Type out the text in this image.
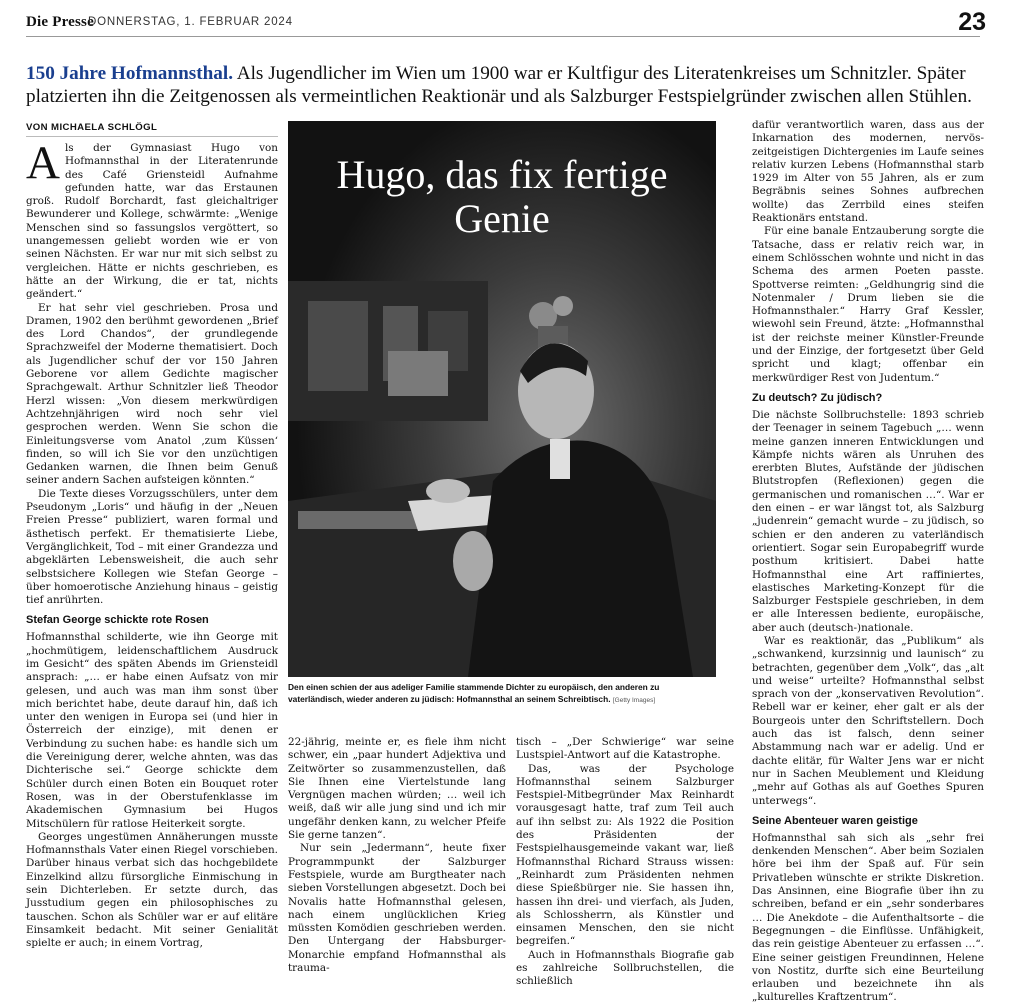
Die Presse
DONNERSTAG, 1. FEBRUAR 2024	23
150 Jahre Hofmannsthal. Als Jugendlicher im Wien um 1900 war er Kultfigur des Literatenkreises um Schnitzler. Später platzierten ihn die Zeitgenossen als vermeintlichen Reaktionär und als Salzburger Festspielgründer zwischen allen Stühlen.
VON MICHAELA SCHLÖGL

Als der Gymnasiast Hugo von Hofmannsthal in der Literatenrunde des Café Griensteidl Aufnahme gefunden hatte, war das Erstaunen groß. Rudolf Borchardt, fast gleichaltriger Bewunderer und Kollege, schwärmte: „Wenige Menschen sind so fassungslos vergöttert, so unangemessen geliebt worden wie er von seinen Nächsten. Er war nur mit sich selbst zu vergleichen. Hätte er nichts geschrieben, es hätte an der Wirkung, die er tat, nichts geändert.“

Er hat sehr viel geschrieben. Prosa und Dramen, 1902 den berühmt gewordenen „Brief des Lord Chandos“, der grundlegende Sprachzweifel der Moderne thematisiert. Doch als Jugendlicher schuf der vor 150 Jahren Geborene vor allem Gedichte magischer Sprachgewalt. Arthur Schnitzler ließ Theodor Herzl wissen: „Von diesem merkwürdigen Achtzehnjährigen wird noch sehr viel gesprochen werden. Wenn Sie schon die Einleitungsverse vom Anatol ‚zum Küssen‘ finden, so will ich Sie vor den unzüchtigen Gedanken warnen, die Ihnen beim Genuß seiner andern Sachen aufsteigen könnten.“

Die Texte dieses Vorzugsschülers, unter dem Pseudonym „Loris“ und häufig in der „Neuen Freien Presse“ publiziert, waren formal und ästhetisch perfekt. Er thematisierte Liebe, Vergänglichkeit, Tod – mit einer Grandezza und abgeklärten Lebensweisheit, die auch sehr selbstsichere Kollegen wie Stefan George – über homoerotische Anziehung hinaus – geistig tief anrührten.

Stefan George schickte rote Rosen

Hofmannsthal schilderte, wie ihn George mit „hochmütigem, leidenschaftlichem Ausdruck im Gesicht“ des späten Abends im Griensteidl ansprach: „… er habe einen Aufsatz von mir gelesen, und auch was man ihm sonst über mich berichtet habe, deute darauf hin, daß ich unter den wenigen in Europa sei (und hier in Österreich der einzige), mit denen er Verbindung zu suchen habe: es handle sich um die Vereinigung derer, welche ahnten, was das Dichterische sei.“ George schickte dem Schüler durch einen Boten ein Bouquet roter Rosen, was in der Oberstufenklasse im Akademischen Gymnasium bei Hugos Mitschülern für ratlose Heiterkeit sorgte.

Georges ungestümen Annäherungen musste Hofmannsthals Vater einen Riegel vorschieben. Darüber hinaus verbat sich das hochgebildete Einzelkind allzu fürsorgliche Einmischung in sein Dichterleben. Er setzte durch, das Jusstudium gegen ein philosophisches zu tauschen. Schon als Schüler war er auf elitäre Einsamkeit bedacht. Mit seiner Genialität spielte er auch; in einem Vortrag,

Hugo, das fix fertige Genie
Den einen schien der aus adeliger Familie stammende Dichter zu europäisch, den anderen zu vaterländisch, wieder anderen zu jüdisch: Hofmannsthal an seinem Schreibtisch. [Getty Images]

22-jährig, meinte er, es fiele ihm nicht schwer, ein „paar hundert Adjektiva und Zeitwörter so zusammenzustellen, daß Sie Ihnen eine Viertelstunde lang Vergnügen machen würden; … weil ich weiß, daß wir alle jung sind und ich mir ungefähr denken kann, zu welcher Pfeife Sie gerne tanzen“.

Nur sein „Jedermann“, heute fixer Programmpunkt der Salzburger Festspiele, wurde am Burgtheater nach sieben Vorstellungen abgesetzt. Doch bei Novalis hatte Hofmannsthal gelesen, nach einem unglücklichen Krieg müssten Komödien geschrieben werden. Den Untergang der Habsburger-Monarchie empfand Hofmannsthal als trauma-

tisch – „Der Schwierige“ war seine Lustspiel-Antwort auf die Katastrophe.

Das, was der Psychologe Hofmannsthal seinem Salzburger Festspiel-Mitbegründer Max Reinhardt vorausgesagt hatte, traf zum Teil auch auf ihn selbst zu: Als 1922 die Position des Präsidenten der Festspielhausgemeinde vakant war, ließ Hofmannsthal Richard Strauss wissen: „Reinhardt zum Präsidenten nehmen diese Spießbürger nie. Sie hassen ihn, hassen ihn drei- und vierfach, als Juden, als Schlossherrn, als Künstler und einsamen Menschen, den sie nicht begreifen.“

Auch in Hofmannsthals Biografie gab es zahlreiche Sollbruchstellen, die schließlich

dafür verantwortlich waren, dass aus der Inkarnation des modernen, nervös-zeitgeistigen Dichtergenies im Laufe seines relativ kurzen Lebens (Hofmannsthal starb 1929 im Alter von 55 Jahren, als er zum Begräbnis seines Sohnes aufbrechen wollte) das Zerrbild eines steifen Reaktionärs entstand.

Für eine banale Entzauberung sorgte die Tatsache, dass er relativ reich war, in einem Schlösschen wohnte und nicht in das Schema des armen Poeten passte. Spottverse reimten: „Geldhungrig sind die Notenmaler / Drum lieben sie die Hofmannsthaler.“ Harry Graf Kessler, wiewohl sein Freund, ätzte: „Hofmannsthal ist der reichste meiner Künstler-Freunde und der Einzige, der fortgesetzt über Geld spricht und klagt; offenbar ein merkwürdiger Rest von Judentum.“

Zu deutsch? Zu jüdisch?

Die nächste Sollbruchstelle: 1893 schrieb der Teenager in seinem Tagebuch „… wenn meine ganzen inneren Entwicklungen und Kämpfe nichts wären als Unruhen des ererbten Blutes, Aufstände der jüdischen Blutstropfen (Reflexionen) gegen die germanischen und romanischen …“. War er den einen – er war längst tot, als Salzburg „judenrein“ gemacht wurde – zu jüdisch, so schien er den anderen zu vaterländisch orientiert. Sogar sein Europabegriff wurde posthum kritisiert. Dabei hatte Hofmannsthal eine Art raffiniertes, elastisches Marketing-Konzept für die Salzburger Festspiele geschrieben, in dem er alle Interessen bediente, europäische, aber auch (deutsch-)nationale.

War es reaktionär, das „Publikum“ als „schwankend, kurzsinnig und launisch“ zu betrachten, gegenüber dem „Volk“, das „alt und weise“ urteilte? Hofmannsthal selbst sprach von der „konservativen Revolution“. Rebell war er keiner, eher galt er als der Bourgeois unter den Schriftstellern. Doch auch das ist falsch, denn seiner Abstammung nach war er adelig. Und er dachte elitär, für Walter Jens war er nicht nur in Sachen Meublement und Kleidung „mehr auf Gothas als auf Goethes Spuren unterwegs“.

Seine Abenteuer waren geistige

Hofmannsthal sah sich als „sehr frei denkenden Menschen“. Aber beim Sozialen höre bei ihm der Spaß auf. Für sein Privatleben wünschte er strikte Diskretion. Das Ansinnen, eine Biografie über ihn zu schreiben, befand er ein „sehr sonderbares … Die Anekdote – die Aufenthaltsorte – die Begegnungen – die Einflüsse. Unfähigkeit, das rein geistige Abenteuer zu erfassen …“. Eine seiner geistigen Freundinnen, Helene von Nostitz, durfte sich eine Beurteilung erlauben und bezeichnete ihn als „kulturelles Kraftzentrum“.
